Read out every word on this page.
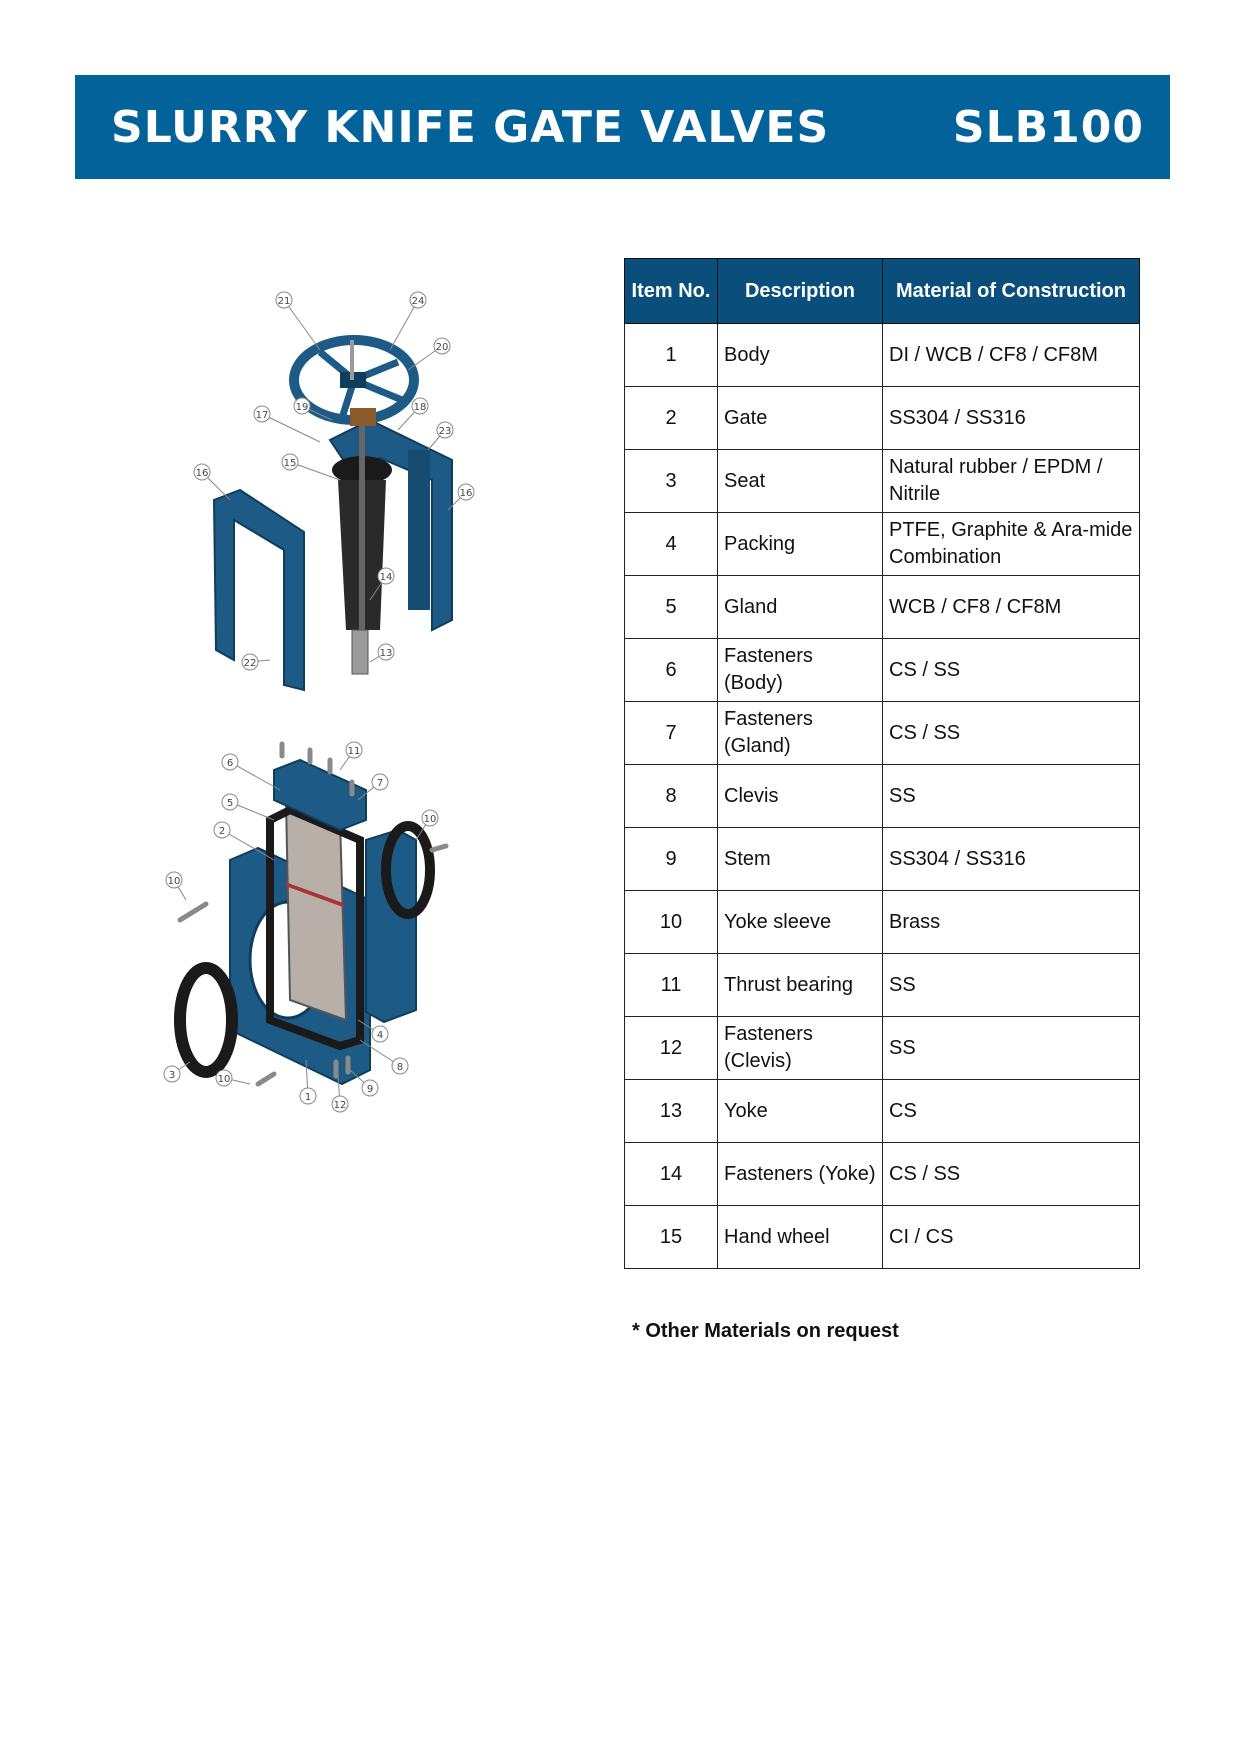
SLURRY KNIFE GATE VALVES	SLB100
21	24
20
19	18
17
23
15
16
16
14
22
13
11
6
7
5
10
2
10
4
8
3	10
9
1
12
Item No.	Description	Material of Construction
1	Body	DI / WCB / CF8 / CF8M
2	Gate	SS304 / SS316
3	Seat	Natural rubber / EPDM / Nitrile
4	Packing	PTFE, Graphite & Ara-mide Combination
5	Gland	WCB / CF8 / CF8M
6	Fasteners (Body)	CS / SS
7	Fasteners (Gland)	CS / SS
8	Clevis	SS
9	Stem	SS304 / SS316
10	Yoke sleeve	Brass
11	Thrust bearing	SS
12	Fasteners (Clevis)	SS
13	Yoke	CS
14	Fasteners (Yoke)	CS / SS
15	Hand wheel	CI / CS
* Other Materials on request
